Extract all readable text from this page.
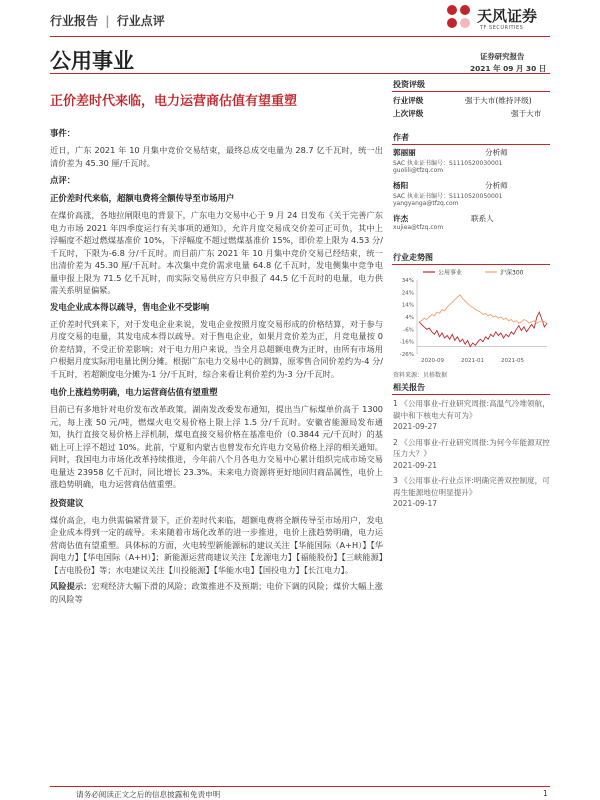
行业报告 | 行业点评	天风证券
TF SECURITIES
公用事业	证券研究报告
2021 年 09 月 30 日
正价差时代来临，电力运营商估值有望重塑
投资评级
行业评级	强于大市(维持评级)
上次评级	强于大市
作者
郭丽丽	分析师
SAC 执业证书编号：S1110520030001
guolili@tfzq.com
杨阳	分析师
SAC 执业证书编号：S1110520050001
yangyanga@tfzq.com
许杰	联系人
xujiea@tfzq.com
行业走势图
公用事业	沪深300
34%
24%
14%
4%
-6%
-16%
-26%
2020-09	2021-01	2021-05
资料来源：贝格数据
相关报告
1 《公用事业-行业研究周报:高温气冷堆领航，碳中和下核电大有可为》
2021-09-27
2 《公用事业-行业研究周报:为何今年能源双控压力大？》
2021-09-21
3 《公用事业-行业点评:明确完善双控制度，可再生能源地位明显提升》
2021-09-17
事件：
近日，广东 2021 年 10 月集中竞价交易结束，最终总成交电量为 28.7 亿千瓦时，统一出清价差为 45.30 厘/千瓦时。
点评：
正价差时代来临，超额电费将全额传导至市场用户
在煤价高涨，各地拉闸限电的背景下，广东电力交易中心于 9 月 24 日发布《关于完善广东电力市场 2021 年四季度运行有关事项的通知》，允许月度交易成交价差可正可负，其中上浮幅度不超过燃煤基准价 10%，下浮幅度不超过燃煤基准价 15%，即价差上限为 4.53 分/千瓦时，下限为-6.8 分/千瓦时。而目前广东 2021 年 10 月集中竞价交易已经结束，统一出清价差为 45.30 厘/千瓦时。本次集中竞价需求电量 64.8 亿千瓦时，发电侧集中竞争电量申报上限为 71.5 亿千瓦时，而实际交易供应方只申报了 44.5 亿千瓦时的电量，电力供需关系明显偏紧。
发电企业成本得以疏导，售电企业不受影响
正价差时代到来下，对于发电企业来说，发电企业按照月度交易形成的价格结算，对于参与月度交易的电量，其发电成本得以疏导。对于售电企业，如果月竞价差为正，月竞电量按 0 价差结算，不受正价差影响；对于电力用户来说，当全月总超额电费为正时，由所有市场用户根据月度实际用电量比例分摊。根据广东电力交易中心的测算，原零售合同价差约为-4 分/千瓦时，若超额度电分摊为-1 分/千瓦时，综合来看让利价差约为-3 分/千瓦时。
电价上涨趋势明确，电力运营商估值有望重塑
目前已有多地针对电价发布改革政策，湖南发改委发布通知，提出当广标煤单价高于 1300 元，每上涨 50 元/吨，燃煤火电交易价格上限上浮 1.5 分/千瓦时。安徽省能源局发布通知，执行直接交易价格上浮机制，煤电直接交易价格在基准电价（0.3844 元/千瓦时）的基础上可上浮不超过 10%。此前，宁夏和内蒙古也曾发布允许电力交易价格上浮的相关通知。同时，我国电力市场化改革持续推进，今年前八个月各电力交易中心累计组织完成市场交易电量达 23958 亿千瓦时，同比增长 23.3%。未来电力资源将更好地回归商品属性，电价上涨趋势明确，电力运营商估值重塑。
投资建议
煤价高企，电力供需偏紧背景下，正价差时代来临，超额电费将全额传导至市场用户，发电企业成本得到一定的疏导。未来随着市场化改革的进一步推进，电价上涨趋势明确，电力运营商估值有望重塑。具体标的方面，火电转型新能源标的建议关注【华能国际（A+H）】【华润电力】【华电国际（A+H）】；新能源运营商建议关注【龙源电力】【福能股份】【三峡能源】【吉电股份】等；水电建议关注【川投能源】【华能水电】【国投电力】【长江电力】。
风险提示：宏观经济大幅下滑的风险；政策推进不及预期；电价下调的风险；煤价大幅上涨的风险等
请务必阅读正文之后的信息披露和免责申明	1
